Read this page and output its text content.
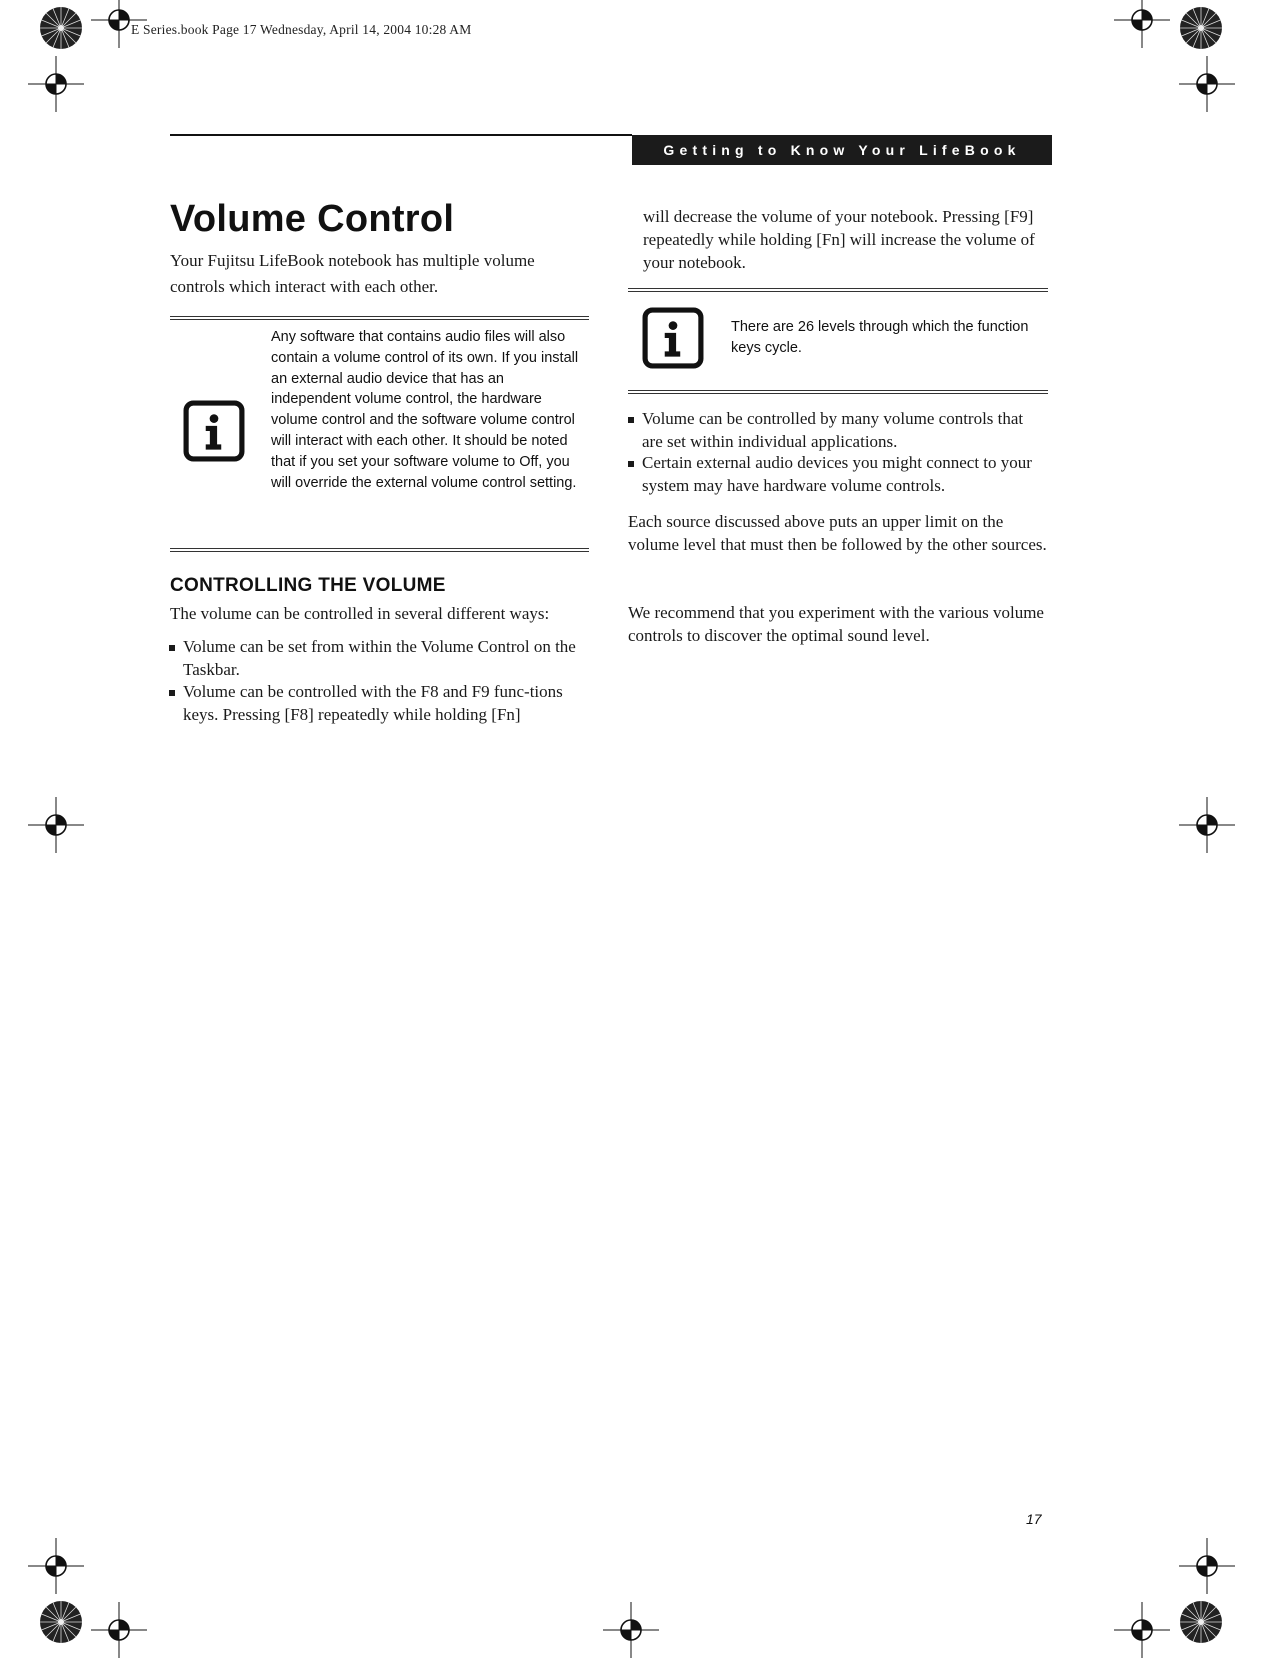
E Series.book Page 17 Wednesday, April 14, 2004 10:28 AM
Getting to Know Your LifeBook
Volume Control
Your Fujitsu LifeBook notebook has multiple volume controls which interact with each other.
Any software that contains audio files will also contain a volume control of its own. If you install an external audio device that has an independent volume control, the hardware volume control and the software volume control will interact with each other. It should be noted that if you set your software volume to Off, you will override the external volume control setting.
CONTROLLING THE VOLUME
The volume can be controlled in several different ways:
Volume can be set from within the Volume Control on the Taskbar.
Volume can be controlled with the F8 and F9 func-tions keys. Pressing [F8] repeatedly while holding [Fn]
will decrease the volume of your notebook. Pressing [F9] repeatedly while holding [Fn] will increase the volume of your notebook.
There are 26 levels through which the function keys cycle.
Volume can be controlled by many volume controls that are set within individual applications.
Certain external audio devices you might connect to your system may have hardware volume controls.
Each source discussed above puts an upper limit on the volume level that must then be followed by the other sources.
We recommend that you experiment with the various volume controls to discover the optimal sound level.
17
